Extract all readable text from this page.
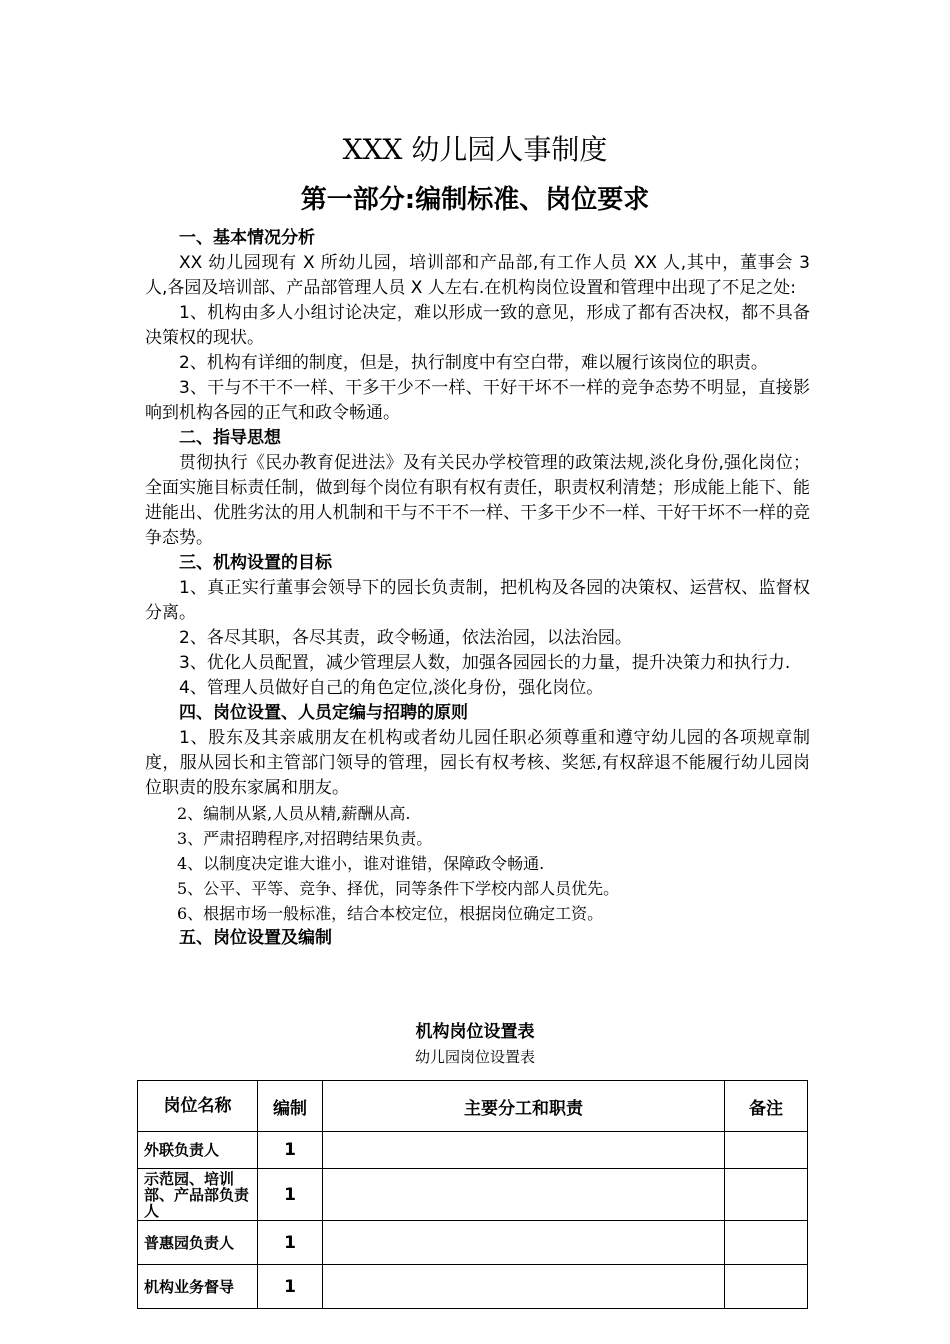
XXX 幼儿园人事制度
第一部分:编制标准、岗位要求

一、基本情况分析

XX 幼儿园现有 X 所幼儿园，培训部和产品部,有工作人员 XX 人,其中，董事会 3 人,各园及培训部、产品部管理人员 X 人左右.在机构岗位设置和管理中出现了不足之处:

1、机构由多人小组讨论决定，难以形成一致的意见，形成了都有否决权，都不具备决策权的现状。

2、机构有详细的制度，但是，执行制度中有空白带，难以履行该岗位的职责。

3、干与不干不一样、干多干少不一样、干好干坏不一样的竞争态势不明显，直接影响到机构各园的正气和政令畅通。

二、指导思想

贯彻执行《民办教育促进法》及有关民办学校管理的政策法规,淡化身份,强化岗位；全面实施目标责任制，做到每个岗位有职有权有责任，职责权利清楚；形成能上能下、能进能出、优胜劣汰的用人机制和干与不干不一样、干多干少不一样、干好干坏不一样的竞争态势。

三、机构设置的目标

1、真正实行董事会领导下的园长负责制，把机构及各园的决策权、运营权、监督权分离。

2、各尽其职，各尽其责，政令畅通，依法治园，以法治园。

3、优化人员配置，减少管理层人数，加强各园园长的力量，提升决策力和执行力.

4、管理人员做好自己的角色定位,淡化身份，强化岗位。

四、岗位设置、人员定编与招聘的原则

1、股东及其亲戚朋友在机构或者幼儿园任职必须尊重和遵守幼儿园的各项规章制度，服从园长和主管部门领导的管理，园长有权考核、奖惩,有权辞退不能履行幼儿园岗位职责的股东家属和朋友。

2、编制从紧,人员从精,薪酬从高.

3、严肃招聘程序,对招聘结果负责。

4、以制度决定谁大谁小，谁对谁错，保障政令畅通.

5、公平、平等、竞争、择优，同等条件下学校内部人员优先。

6、根据市场一般标准，结合本校定位，根据岗位确定工资。

五、岗位设置及编制

机构岗位设置表
幼儿园岗位设置表
岗位名称	编制	主要分工和职责	备注
外联负责人	1		
示范园、培训部、产品部负责人	1		
普惠园负责人	1		
机构业务督导	1		
